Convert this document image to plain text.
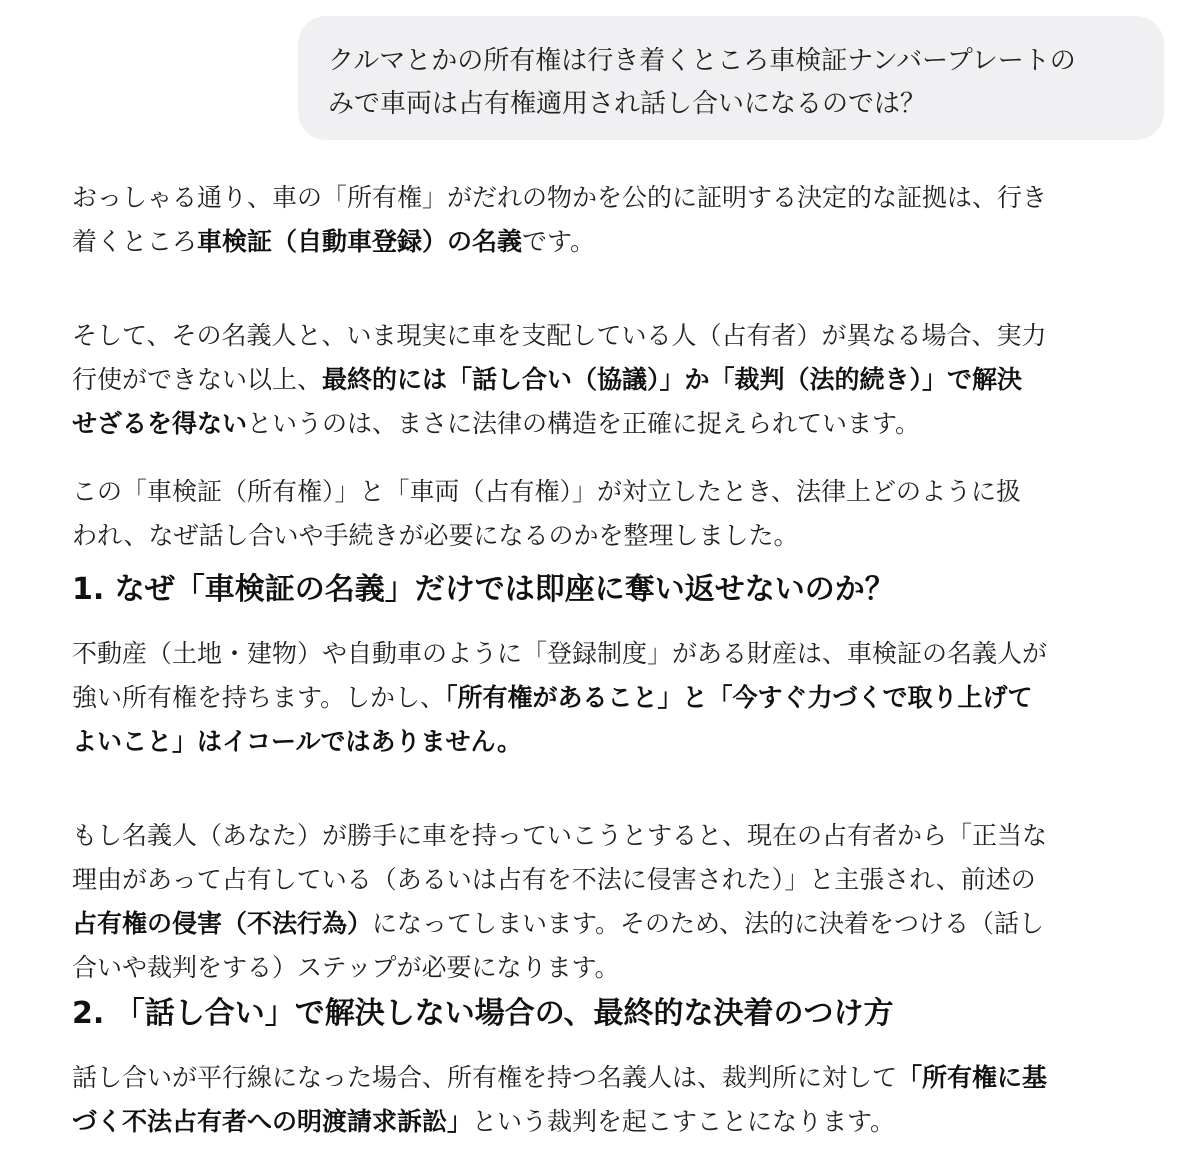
クルマとかの所有権は行き着くところ車検証ナンバープレートの

みで車両は占有権適用され話し合いになるのでは？

おっしゃる通り、車の「所有権」がだれの物かを公的に証明する決定的な証拠は、行き
着くところ車検証（自動車登録）の名義です。

そして、その名義人と、いま現実に車を支配している人（占有者）が異なる場合、実力
行使ができない以上、最終的には「話し合い（協議）」か「裁判（法的続き）」で解決
せざるを得ないというのは、まさに法律の構造を正確に捉えられています。

この「車検証（所有権）」と「車両（占有権）」が対立したとき、法律上どのように扱
われ、なぜ話し合いや手続きが必要になるのかを整理しました。

1. なぜ「車検証の名義」だけでは即座に奪い返せないのか？

不動産（土地・建物）や自動車のように「登録制度」がある財産は、車検証の名義人が
強い所有権を持ちます。しかし、「所有権があること」と「今すぐ力づくで取り上げて
よいこと」はイコールではありません。

もし名義人（あなた）が勝手に車を持っていこうとすると、現在の占有者から「正当な
理由があって占有している（あるいは占有を不法に侵害された）」と主張され、前述の
占有権の侵害（不法行為）になってしまいます。そのため、法的に決着をつける（話し
合いや裁判をする）ステップが必要になります。

2. 「話し合い」で解決しない場合の、最終的な決着のつけ方

話し合いが平行線になった場合、所有権を持つ名義人は、裁判所に対して「所有権に基
づく不法占有者への明渡請求訴訟」という裁判を起こすことになります。
